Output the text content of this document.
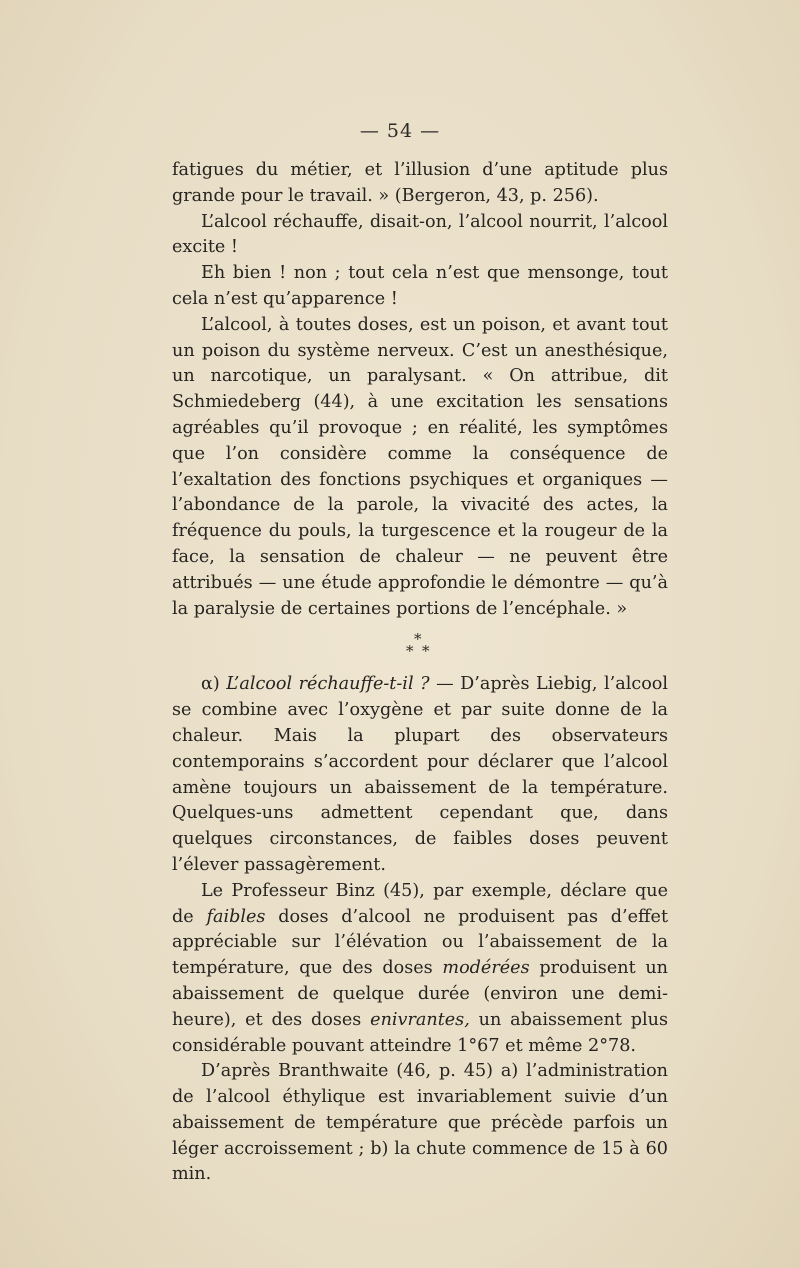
— 54 —

fatigues du métier, et l’illusion d’une aptitude plus grande pour le travail. » (Bergeron, 43, p. 256).

L’alcool réchauffe, disait-on, l’alcool nourrit, l’alcool excite !

Eh bien ! non ; tout cela n’est que mensonge, tout cela n’est qu’apparence !

L’alcool, à toutes doses, est un poison, et avant tout un poison du système nerveux. C’est un anesthésique, un narcotique, un paralysant. « On attribue, dit Schmiedeberg (44), à une excitation les sensations agréables qu’il provoque ; en réalité, les symptômes que l’on considère comme la conséquence de l’exaltation des fonctions psychiques et organiques — l’abondance de la parole, la vivacité des actes, la fréquence du pouls, la turgescence et la rougeur de la face, la sensation de chaleur — ne peuvent être attribués — une étude approfondie le démontre — qu’à la paralysie de certaines portions de l’encéphale. »

*
* *

α) L’alcool réchauffe-t-il ? — D’après Liebig, l’alcool se combine avec l’oxygène et par suite donne de la chaleur. Mais la plupart des observateurs contemporains s’accordent pour déclarer que l’alcool amène toujours un abaissement de la température. Quelques-uns admettent cependant que, dans quelques circonstances, de faibles doses peuvent l’élever passagèrement.

Le Professeur Binz (45), par exemple, déclare que de faibles doses d’alcool ne produisent pas d’effet appréciable sur l’élévation ou l’abaissement de la température, que des doses modérées produisent un abaissement de quelque durée (environ une demi-heure), et des doses enivrantes, un abaissement plus considérable pouvant atteindre 1°67 et même 2°78.

D’après Branthwaite (46, p. 45) a) l’administration de l’alcool éthylique est invariablement suivie d’un abaissement de température que précède parfois un léger accroissement ; b) la chute commence de 15 à 60 min.
